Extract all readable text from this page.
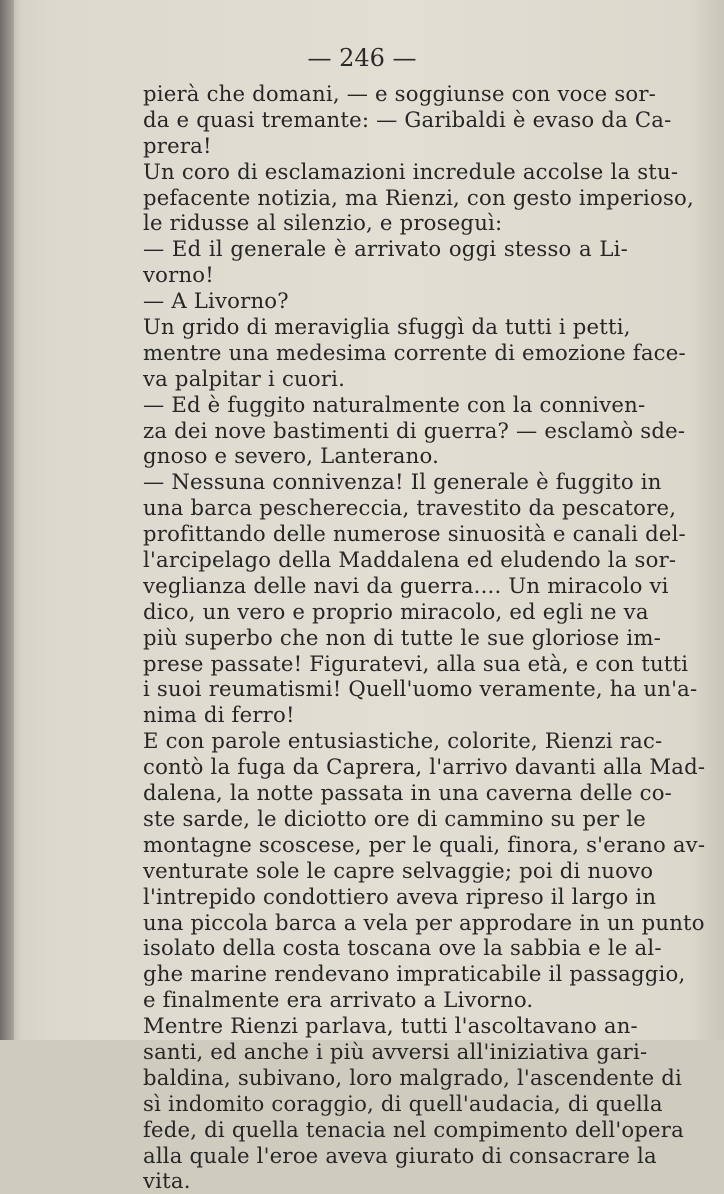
— 246 —
pierà che domani, — e soggiunse con voce sor-
da e quasi tremante: — Garibaldi è evaso da Ca-
prera!
Un coro di esclamazioni incredule accolse la stu-
pefacente notizia, ma Rienzi, con gesto imperioso,
le ridusse al silenzio, e proseguì:
— Ed il generale è arrivato oggi stesso a Li-
vorno!
— A Livorno?
Un grido di meraviglia sfuggì da tutti i petti,
mentre una medesima corrente di emozione face-
va palpitar i cuori.
— Ed è fuggito naturalmente con la conniven-
za dei nove bastimenti di guerra? — esclamò sde-
gnoso e severo, Lanterano.
— Nessuna connivenza! Il generale è fuggito in
una barca peschereccia, travestito da pescatore,
profittando delle numerose sinuosità e canali del-
l'arcipelago della Maddalena ed eludendo la sor-
veglianza delle navi da guerra.... Un miracolo vi
dico, un vero e proprio miracolo, ed egli ne va
più superbo che non di tutte le sue gloriose im-
prese passate! Figuratevi, alla sua età, e con tutti
i suoi reumatismi! Quell'uomo veramente, ha un'a-
nima di ferro!
E con parole entusiastiche, colorite, Rienzi rac-
contò la fuga da Caprera, l'arrivo davanti alla Mad-
dalena, la notte passata in una caverna delle co-
ste sarde, le diciotto ore di cammino su per le
montagne scoscese, per le quali, finora, s'erano av-
venturate sole le capre selvaggie; poi di nuovo
l'intrepido condottiero aveva ripreso il largo in
una piccola barca a vela per approdare in un punto
isolato della costa toscana ove la sabbia e le al-
ghe marine rendevano impraticabile il passaggio,
e finalmente era arrivato a Livorno.
Mentre Rienzi parlava, tutti l'ascoltavano an-
santi, ed anche i più avversi all'iniziativa gari-
baldina, subivano, loro malgrado, l'ascendente di
sì indomito coraggio, di quell'audacia, di quella
fede, di quella tenacia nel compimento dell'opera
alla quale l'eroe aveva giurato di consacrare la
vita.
